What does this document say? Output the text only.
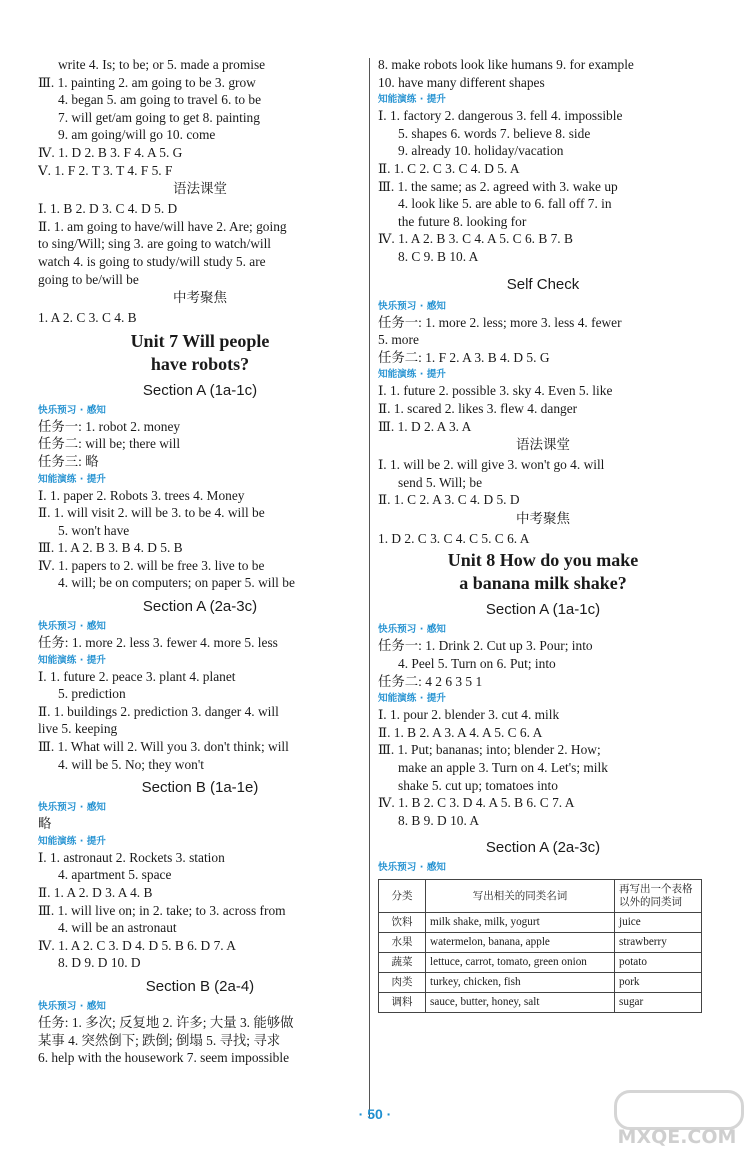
write 4. Is; to be; or 5. made a promise
Ⅲ. 1. painting 2. am going to be 3. grow
4. began 5. am going to travel 6. to be
7. will get/am going to get 8. painting
9. am going/will go 10. come
Ⅳ. 1. D 2. B 3. F 4. A 5. G
Ⅴ. 1. F 2. T 3. T 4. F 5. F
语法课堂
Ⅰ. 1. B 2. D 3. C 4. D 5. D
Ⅱ. 1. am going to have/will have 2. Are; going
to sing/Will; sing 3. are going to watch/will
watch 4. is going to study/will study 5. are
going to be/will be
中考聚焦
1. A 2. C 3. C 4. B
Unit 7 Will people
have robots?
Section A (1a-1c)
快乐预习 · 感知
任务一: 1. robot 2. money
任务二: will be; there will
任务三: 略
知能演练 · 提升
Ⅰ. 1. paper 2. Robots 3. trees 4. Money
Ⅱ. 1. will visit 2. will be 3. to be 4. will be
5. won't have
Ⅲ. 1. A 2. B 3. B 4. D 5. B
Ⅳ. 1. papers to 2. will be free 3. live to be
4. will; be on computers; on paper 5. will be
Section A (2a-3c)
快乐预习 · 感知
任务: 1. more 2. less 3. fewer 4. more 5. less
知能演练 · 提升
Ⅰ. 1. future 2. peace 3. plant 4. planet
5. prediction
Ⅱ. 1. buildings 2. prediction 3. danger 4. will
live 5. keeping
Ⅲ. 1. What will 2. Will you 3. don't think; will
4. will be 5. No; they won't
Section B (1a-1e)
快乐预习 · 感知
略
知能演练 · 提升
Ⅰ. 1. astronaut 2. Rockets 3. station
4. apartment 5. space
Ⅱ. 1. A 2. D 3. A 4. B
Ⅲ. 1. will live on; in 2. take; to 3. across from
4. will be an astronaut
Ⅳ. 1. A 2. C 3. D 4. D 5. B 6. D 7. A
8. D 9. D 10. D
Section B (2a-4)
快乐预习 · 感知
任务: 1. 多次; 反复地 2. 许多; 大量 3. 能够做
某事 4. 突然倒下; 跌倒; 倒塌 5. 寻找; 寻求
6. help with the housework 7. seem impossible
8. make robots look like humans 9. for example
10. have many different shapes
知能演练 · 提升
Ⅰ. 1. factory 2. dangerous 3. fell 4. impossible
5. shapes 6. words 7. believe 8. side
9. already 10. holiday/vacation
Ⅱ. 1. C 2. C 3. C 4. D 5. A
Ⅲ. 1. the same; as 2. agreed with 3. wake up
4. look like 5. are able to 6. fall off 7. in
the future 8. looking for
Ⅳ. 1. A 2. B 3. C 4. A 5. C 6. B 7. B
8. C 9. B 10. A
Self Check
快乐预习 · 感知
任务一: 1. more 2. less; more 3. less 4. fewer
5. more
任务二: 1. F 2. A 3. B 4. D 5. G
知能演练 · 提升
Ⅰ. 1. future 2. possible 3. sky 4. Even 5. like
Ⅱ. 1. scared 2. likes 3. flew 4. danger
Ⅲ. 1. D 2. A 3. A
语法课堂
Ⅰ. 1. will be 2. will give 3. won't go 4. will
send 5. Will; be
Ⅱ. 1. C 2. A 3. C 4. D 5. D
中考聚焦
1. D 2. C 3. C 4. C 5. C 6. A
Unit 8 How do you make
a banana milk shake?
Section A (1a-1c)
快乐预习 · 感知
任务一: 1. Drink 2. Cut up 3. Pour; into
4. Peel 5. Turn on 6. Put; into
任务二: 4 2 6 3 5 1
知能演练 · 提升
Ⅰ. 1. pour 2. blender 3. cut 4. milk
Ⅱ. 1. B 2. A 3. A 4. A 5. C 6. A
Ⅲ. 1. Put; bananas; into; blender 2. How;
make an apple 3. Turn on 4. Let's; milk
shake 5. cut up; tomatoes into
Ⅳ. 1. B 2. C 3. D 4. A 5. B 6. C 7. A
8. B 9. D 10. A
Section A (2a-3c)
快乐预习 · 感知
分类	写出相关的同类名词	再写出一个表格以外的同类词
饮料	milk shake, milk, yogurt	juice
水果	watermelon, banana, apple	strawberry
蔬菜	lettuce, carrot, tomato, green onion	potato
肉类	turkey, chicken, fish	pork
调料	sauce, butter, honey, salt	sugar
· 50 ·
MXQE.COM
